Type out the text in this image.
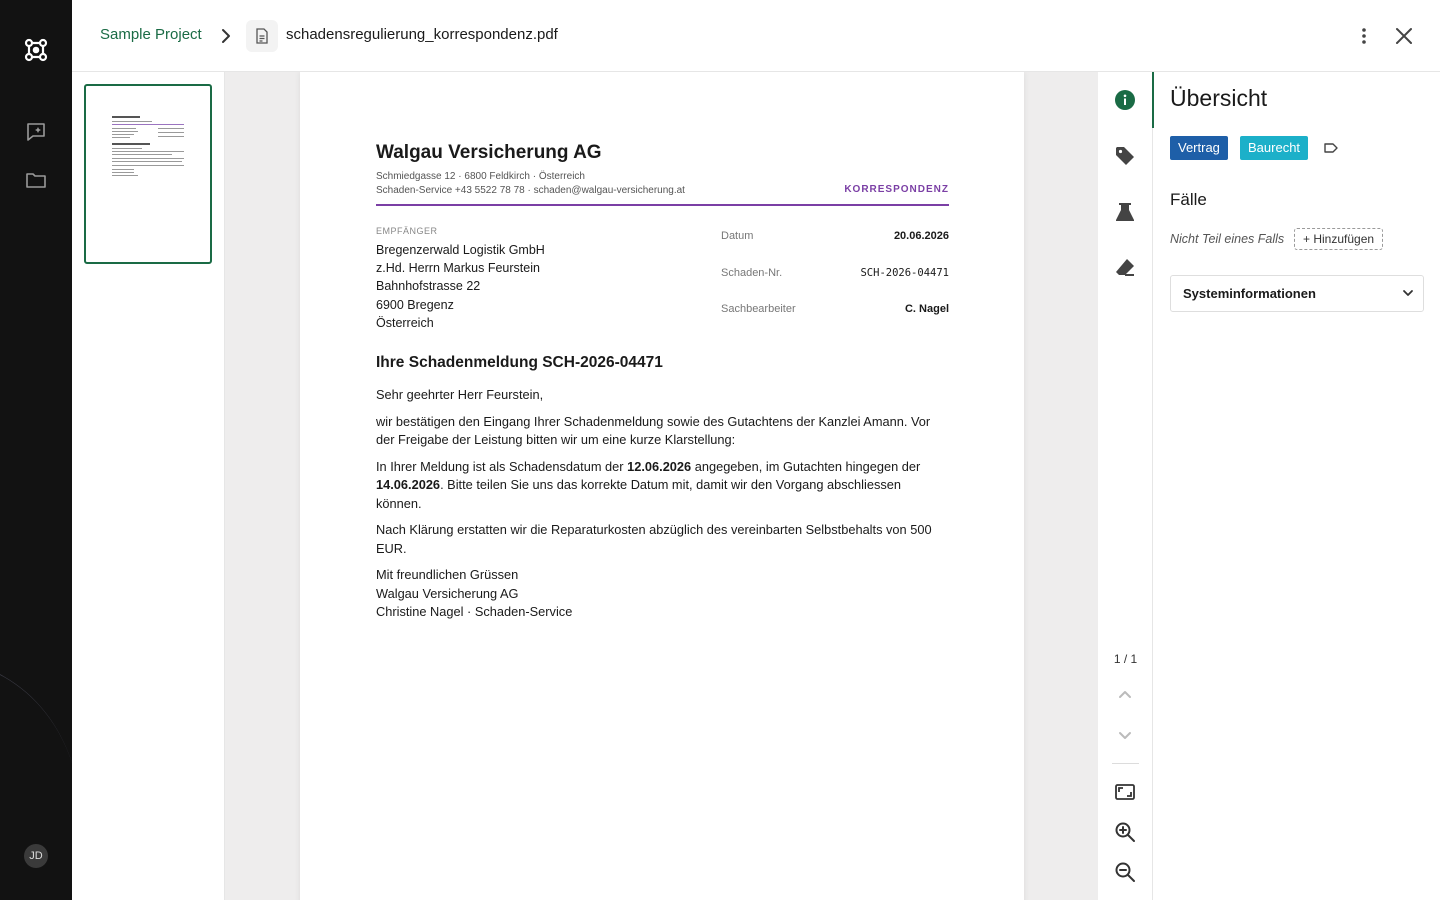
JD
Sample Project	schadensregulierung_korrespondenz.pdf
Walgau Versicherung AG
Schmiedgasse 12 · 6800 Feldkirch · Österreich
Schaden-Service +43 5522 78 78 · schaden@walgau-versicherung.at	KORRESPONDENZ
EMPFÄNGER
Bregenzerwald Logistik GmbH
z.Hd. Herrn Markus Feurstein
Bahnhofstrasse 22
6900 Bregenz
Österreich
Datum	20.06.2026
Schaden-Nr.	SCH-2026-04471
Sachbearbeiter	C. Nagel
Ihre Schadenmeldung SCH-2026-04471
Sehr geehrter Herr Feurstein,
wir bestätigen den Eingang Ihrer Schadenmeldung sowie des Gutachtens der Kanzlei Amann. Vor der Freigabe der Leistung bitten wir um eine kurze Klarstellung:
In Ihrer Meldung ist als Schadensdatum der 12.06.2026 angegeben, im Gutachten hingegen der 14.06.2026. Bitte teilen Sie uns das korrekte Datum mit, damit wir den Vorgang abschliessen können.
Nach Klärung erstatten wir die Reparaturkosten abzüglich des vereinbarten Selbstbehalts von 500 EUR.
Mit freundlichen Grüssen
Walgau Versicherung AG
Christine Nagel · Schaden-Service
1 / 1
Übersicht
Vertrag	Baurecht
Fälle
Nicht Teil eines Falls	+ Hinzufügen
Systeminformationen
